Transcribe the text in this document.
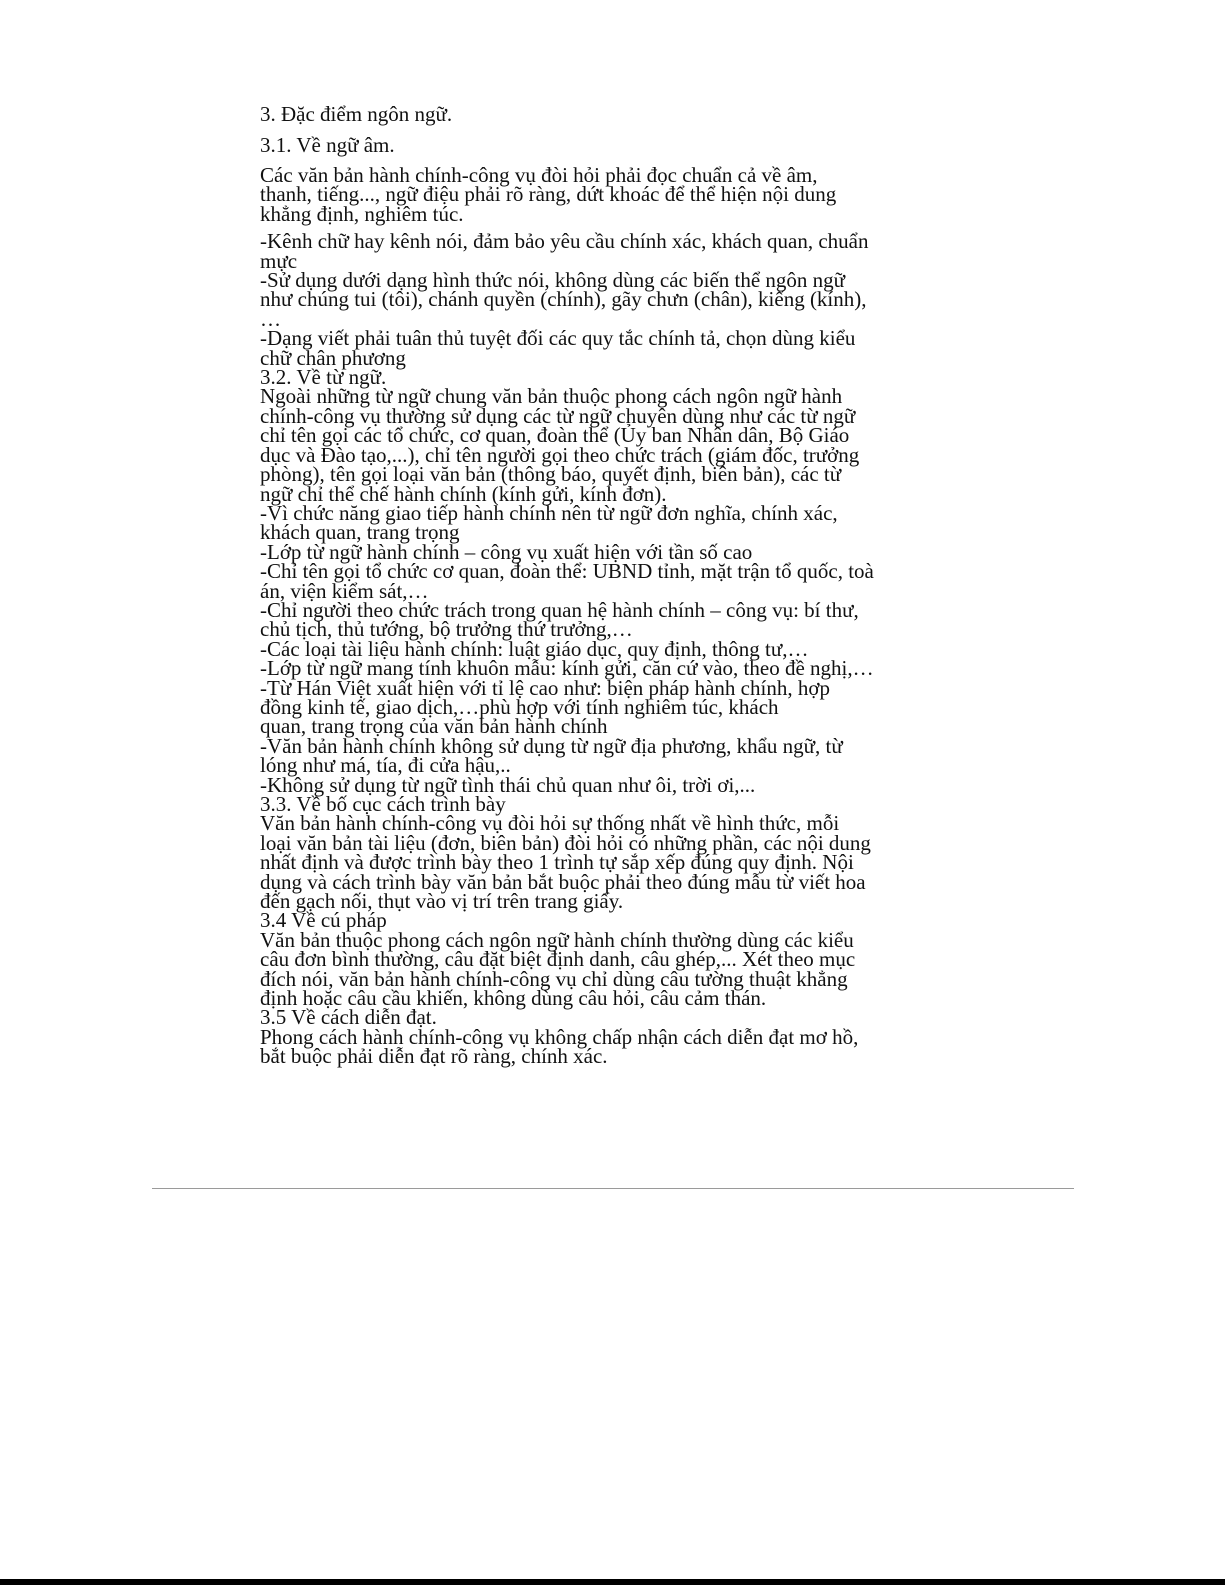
3. Đặc điểm ngôn ngữ.
3.1. Về ngữ âm.
Các văn bản hành chính-công vụ đòi hỏi phải đọc chuẩn cả về âm,
thanh, tiếng..., ngữ điệu phải rõ ràng, dứt khoác để thể hiện nội dung
khẳng định, nghiêm túc.
-Kênh chữ hay kênh nói, đảm bảo yêu cầu chính xác, khách quan, chuẩn
mực
-Sử dụng dưới dạng hình thức nói, không dùng các biến thể ngôn ngữ
như chúng tui (tôi), chánh quyền (chính), gãy chưn (chân), kiếng (kính),
…
-Dạng viết phải tuân thủ tuyệt đối các quy tắc chính tả, chọn dùng kiểu
chữ chân phương
3.2. Về từ ngữ.
Ngoài những từ ngữ chung văn bản thuộc phong cách ngôn ngữ hành
chính-công vụ thường sử dụng các từ ngữ chuyên dùng như các từ ngữ
chỉ tên gọi các tổ chức, cơ quan, đoàn thể (Ủy ban Nhân dân, Bộ Giáo
dục và Đào tạo,...), chỉ tên người gọi theo chức trách (giám đốc, trưởng
phòng), tên gọi loại văn bản (thông báo, quyết định, biên bản), các từ
ngữ chỉ thể chế hành chính (kính gửi, kính đơn).
-Vì chức năng giao tiếp hành chính nên từ ngữ đơn nghĩa, chính xác,
khách quan, trang trọng
-Lớp từ ngữ hành chính – công vụ xuất hiện với tần số cao
-Chỉ tên gọi tổ chức cơ quan, đoàn thể: UBND tỉnh, mặt trận tổ quốc, toà
án, viện kiểm sát,…
-Chỉ người theo chức trách trong quan hệ hành chính – công vụ: bí thư,
chủ tịch, thủ tướng, bộ trưởng thứ trưởng,…
-Các loại tài liệu hành chính: luật giáo dục, quy định, thông tư,…
-Lớp từ ngữ mang tính khuôn mẫu: kính gửi, căn cứ vào, theo đề nghị,…
-Từ Hán Việt xuất hiện với tỉ lệ cao như: biện pháp hành chính, hợp
đồng kinh tế, giao dịch,…phù hợp với tính nghiêm túc, khách
quan, trang trọng của văn bản hành chính
-Văn bản hành chính không sử dụng từ ngữ địa phương, khẩu ngữ, từ
lóng như má, tía, đi cửa hậu,..
-Không sử dụng từ ngữ tình thái chủ quan như ôi, trời ơi,...
3.3. Về bố cục cách trình bày
Văn bản hành chính-công vụ đòi hỏi sự thống nhất về hình thức, mỗi
loại văn bản tài liệu (đơn, biên bản) đòi hỏi có những phần, các nội dung
nhất định và được trình bày theo 1 trình tự sắp xếp đúng quy định. Nội
dụng và cách trình bày văn bản bắt buộc phải theo đúng mẫu từ viết hoa
đến gạch nối, thụt vào vị trí trên trang giấy.
3.4 Về cú pháp
Văn bản thuộc phong cách ngôn ngữ hành chính thường dùng các kiểu
câu đơn bình thường, câu đặt biệt định danh, câu ghép,... Xét theo mục
đích nói, văn bản hành chính-công vụ chỉ dùng câu tường thuật khẳng
định hoặc câu cầu khiến, không dùng câu hỏi, câu cảm thán.
3.5 Về cách diễn đạt.
Phong cách hành chính-công vụ không chấp nhận cách diễn đạt mơ hồ,
bắt buộc phải diễn đạt rõ ràng, chính xác.
